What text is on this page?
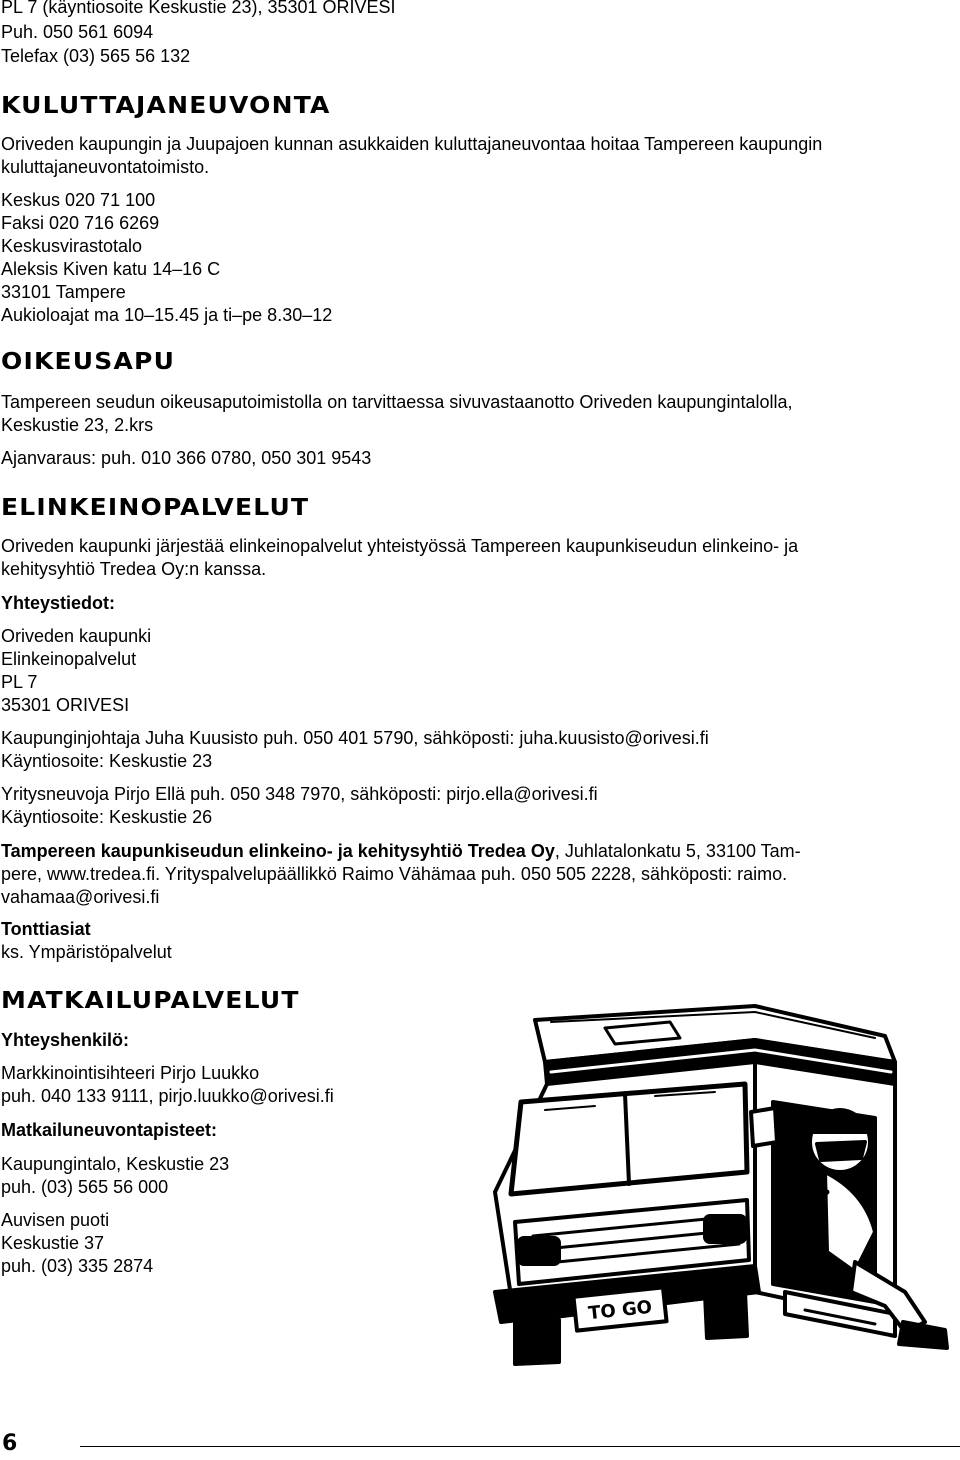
PL 7 (käyntiosoite Keskustie 23), 35301 ORIVESI
Puh. 050 561 6094
Telefax (03) 565 56 132
KULUTTAJANEUVONTA
Oriveden kaupungin ja Juupajoen kunnan asukkaiden kuluttajaneuvontaa hoitaa Tampereen kaupungin
kuluttajaneuvontatoimisto.
Keskus 020 71 100
Faksi 020 716 6269
Keskusvirastotalo
Aleksis Kiven katu 14–16 C
33101 Tampere
Aukioloajat ma 10–15.45 ja ti–pe 8.30–12
OIKEUSAPU
Tampereen seudun oikeusaputoimistolla on tarvittaessa sivuvastaanotto Oriveden kaupungintalolla,
Keskustie 23, 2.krs
Ajanvaraus: puh. 010 366 0780, 050 301 9543
ELINKEINOPALVELUT
Oriveden kaupunki järjestää elinkeinopalvelut yhteistyössä Tampereen kaupunkiseudun elinkeino- ja
kehitysyhtiö Tredea Oy:n kanssa.
Yhteystiedot:
Oriveden kaupunki
Elinkeinopalvelut
PL 7
35301 ORIVESI
Kaupunginjohtaja Juha Kuusisto puh. 050 401 5790, sähköposti: juha.kuusisto@orivesi.fi
Käyntiosoite: Keskustie 23
Yritysneuvoja Pirjo Ellä puh. 050 348 7970, sähköposti: pirjo.ella@orivesi.fi
Käyntiosoite: Keskustie 26
Tampereen kaupunkiseudun elinkeino- ja kehitysyhtiö Tredea Oy, Juhlatalonkatu 5, 33100 Tam-
pere, www.tredea.fi. Yrityspalvelupäällikkö Raimo Vähämaa puh. 050 505 2228, sähköposti: raimo.
vahamaa@orivesi.fi
Tonttiasiat
ks. Ympäristöpalvelut
MATKAILUPALVELUT
Yhteyshenkilö:
Markkinointisihteeri Pirjo Luukko
puh. 040 133 9111, pirjo.luukko@orivesi.fi
Matkailuneuvontapisteet:
Kaupungintalo, Keskustie 23
puh. (03) 565 56 000
Auvisen puoti
Keskustie 37
puh. (03) 335 2874
TO GO
6
